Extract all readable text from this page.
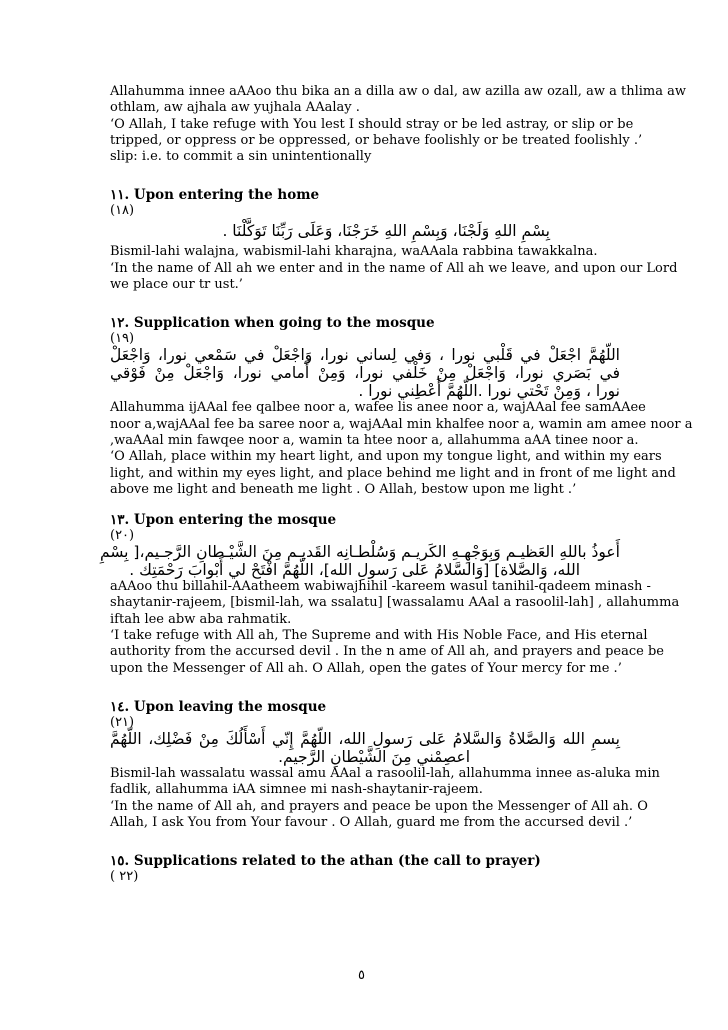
Allahumma innee aAAoo thu bika an a dilla aw o dal, aw azilla aw ozall, aw a thlima aw
othlam, aw ajhala aw yujhala AAalay .
‘O Allah, I take refuge with You lest I should stray or be led astray, or slip or be
tripped, or oppress or be oppressed, or behave foolishly or be treated foolishly .’
slip: i.e. to commit a sin unintentionally
١١. Upon entering the home
(١٨)
بِسْمِ اللهِ وَلَجْنَا، وَبِسْمِ اللهِ خَرَجْنَا، وَعَلَى رَبِّنَا تَوَكَّلْنَا .
Bismil-lahi walajna, wabismil-lahi kharajna, waAAala rabbina tawakkalna.
‘In the name of All ah we enter and in the name of All ah we leave, and upon our Lord
we place our tr ust.’
١٢. Supplication when going to the mosque
(١٩)
اللّهُمَّ اجْعَلْ في قَلْبي نورا ، وَفي لِساني نورا، وَاجْعَلْ في سَمْعي نورا، وَاجْعَلْ
في بَصَري نورا، وَاجْعَلْ مِنْ خَلْفي نورا، وَمِنْ أَمامي نورا، وَاجْعَلْ مِنْ فَوْقي
نورا ، وَمِنْ تَحْتي نورا .اللّهُمَّ أَعْطِني نورا .
Allahumma ijAAal fee qalbee noor a, wafee lis anee noor a, wajAAal fee samAAee
noor a,wajAAal fee ba saree noor a, wajAAal min khalfee noor a, wamin am amee noor a
,waAAal min fawqee noor a, wamin ta htee noor a, allahumma aAA tinee noor a.
‘O Allah, place within my heart light, and upon my tongue light, and within my ears
light, and within my eyes light, and place behind me light and in front of me light and
above me light and beneath me light . O Allah, bestow upon me light .’
١٣. Upon entering the mosque
(٢٠)
أَعوذُ باللهِ العَظيـم وَبِوَجْهِـهِ الكَريـم وَسُلْطـانِه القَديـم مِنَ الشَّيْـطانِ الرَّجـيم،[ بِسْمِ
الله، وَالصَّلاة] [وَالسَّلامُ عَلى رَسولِ الله]، اللّهُمَّ افْتَحْ لي أَبْوابَ رَحْمَتِك .
aAAoo thu billahil-AAatheem wabiwajhihil -kareem wasul tanihil-qadeem minash -
shaytanir-rajeem, [bismil-lah, wa ssalatu] [wassalamu AAal a rasoolil-lah] , allahumma
iftah lee abw aba rahmatik.
‘I take refuge with All ah, The Supreme and with His Noble Face, and His eternal
authority from the accursed devil . In the n ame of All ah, and prayers and peace be
upon the Messenger of All ah. O Allah, open the gates of Your mercy for me .’
١٤. Upon leaving the mosque
(٢١)
بِسمِ الله وَالصَّلاةُ وَالسَّلامُ عَلى رَسولِ الله، اللّهُمَّ إِنّي أَسْأَلُكَ مِنْ فَضْلِك، اللّهُمَّ
اعصِمْني مِنَ الشَّيْطانِ الرَّجيم.
Bismil-lah wassalatu wassal amu AAal a rasoolil-lah, allahumma innee as-aluka min
fadlik, allahumma iAA simnee mi nash-shaytanir-rajeem.
‘In the name of All ah, and prayers and peace be upon the Messenger of All ah. O
Allah, I ask You from Your favour . O Allah, guard me from the accursed devil .’
١٥. Supplications related to the athan (the call to prayer)
( ٢٢)
٥
